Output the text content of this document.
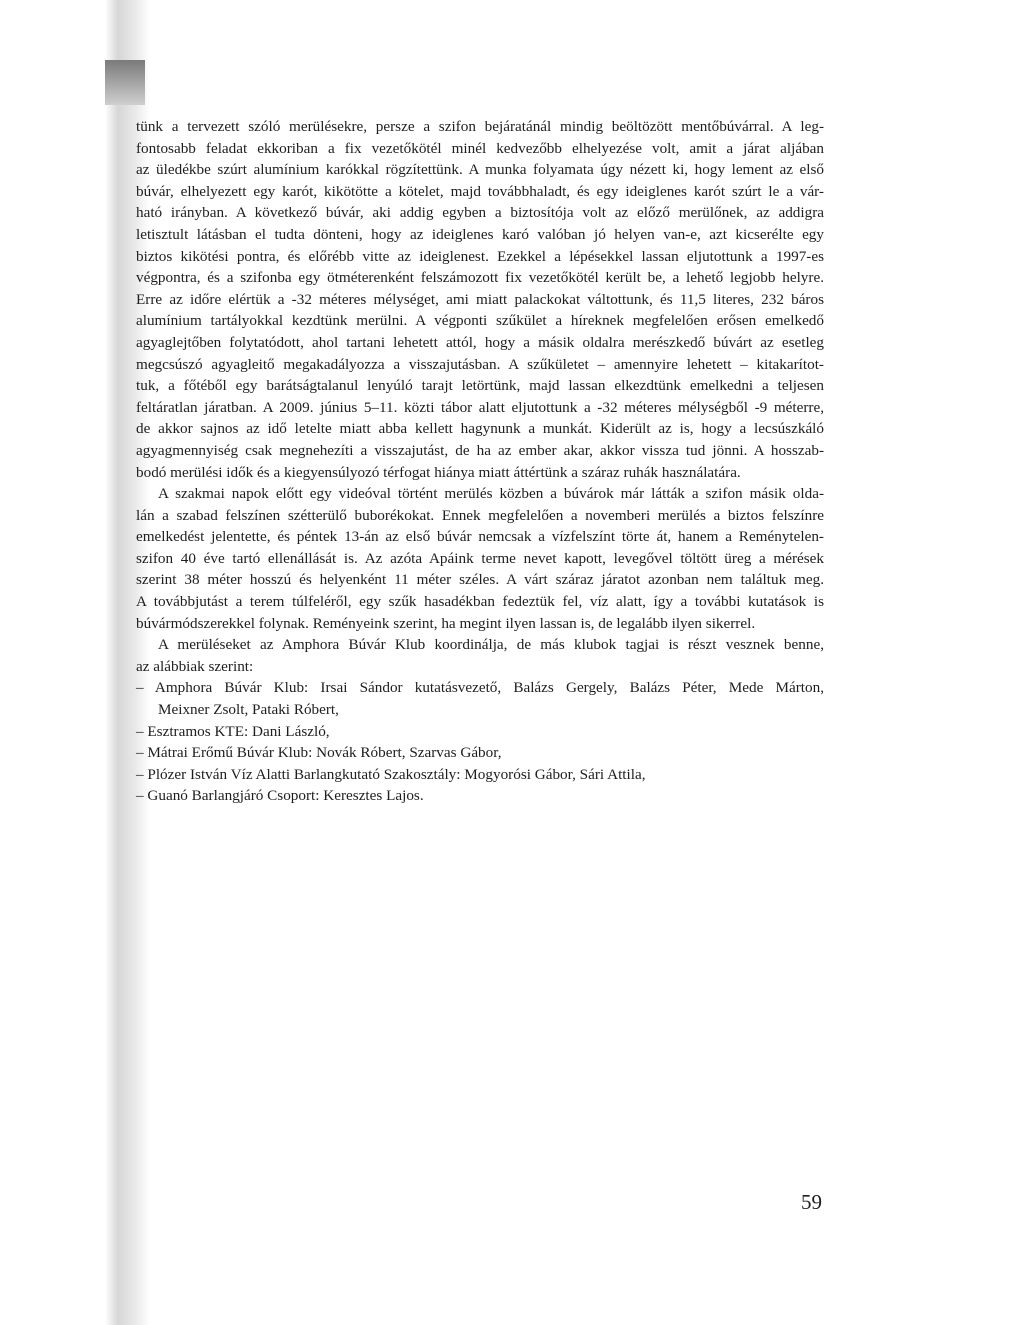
tünk a tervezett szóló merülésekre, persze a szifon bejáratánál mindig beöltözött mentőbúvárral. A leg-
fontosabb feladat ekkoriban a fix vezetőkötél minél kedvezőbb elhelyezése volt, amit a járat aljában
az üledékbe szúrt alumínium karókkal rögzítettünk. A munka folyamata úgy nézett ki, hogy lement az első
búvár, elhelyezett egy karót, kikötötte a kötelet, majd továbbhaladt, és egy ideiglenes karót szúrt le a vár-
ható irányban. A következő búvár, aki addig egyben a biztosítója volt az előző merülőnek, az addigra
letisztult látásban el tudta dönteni, hogy az ideiglenes karó valóban jó helyen van-e, azt kicserélte egy
biztos kikötési pontra, és előrébb vitte az ideiglenest. Ezekkel a lépésekkel lassan eljutottunk a 1997-es
végpontra, és a szifonba egy ötméterenként felszámozott fix vezetőkötél került be, a lehető legjobb helyre.
Erre az időre elértük a -32 méteres mélységet, ami miatt palackokat váltottunk, és 11,5 literes, 232 báros
alumínium tartályokkal kezdtünk merülni. A végponti szűkület a híreknek megfelelően erősen emelkedő
agyaglejtőben folytatódott, ahol tartani lehetett attól, hogy a másik oldalra merészkedő búvárt az esetleg
megcsúszó agyagleitő megakadályozza a visszajutásban. A szűkületet – amennyire lehetett – kitakarítot-
tuk, a főtéből egy barátságtalanul lenyúló tarajt letörtünk, majd lassan elkezdtünk emelkedni a teljesen
feltáratlan járatban. A 2009. június 5–11. közti tábor alatt eljutottunk a -32 méteres mélységből -9 méterre,
de akkor sajnos az idő letelte miatt abba kellett hagynunk a munkát. Kiderült az is, hogy a lecsúszkáló
agyagmennyiség csak megnehezíti a visszajutást, de ha az ember akar, akkor vissza tud jönni. A hosszab-
bodó merülési idők és a kiegyensúlyozó térfogat hiánya miatt áttértünk a száraz ruhák használatára.
A szakmai napok előtt egy videóval történt merülés közben a búvárok már látták a szifon másik olda-
lán a szabad felszínen szétterülő buborékokat. Ennek megfelelően a novemberi merülés a biztos felszínre
emelkedést jelentette, és péntek 13-án az első búvár nemcsak a vízfelszínt törte át, hanem a Reménytelen-
szifon 40 éve tartó ellenállását is. Az azóta Apáink terme nevet kapott, levegővel töltött üreg a mérések
szerint 38 méter hosszú és helyenként 11 méter széles. A várt száraz járatot azonban nem találtuk meg.
A továbbjutást a terem túlfeléről, egy szűk hasadékban fedeztük fel, víz alatt, így a további kutatások is
búvármódszerekkel folynak. Reményeink szerint, ha megint ilyen lassan is, de legalább ilyen sikerrel.
A merüléseket az Amphora Búvár Klub koordinálja, de más klubok tagjai is részt vesznek benne,
az alábbiak szerint:
– Amphora Búvár Klub: Irsai Sándor kutatásvezető, Balázs Gergely, Balázs Péter, Mede Márton,
Meixner Zsolt, Pataki Róbert,
– Esztramos KTE: Dani László,
– Mátrai Erőmű Búvár Klub: Novák Róbert, Szarvas Gábor,
– Plózer István Víz Alatti Barlangkutató Szakosztály: Mogyorósi Gábor, Sári Attila,
– Guanó Barlangjáró Csoport: Keresztes Lajos.
59
